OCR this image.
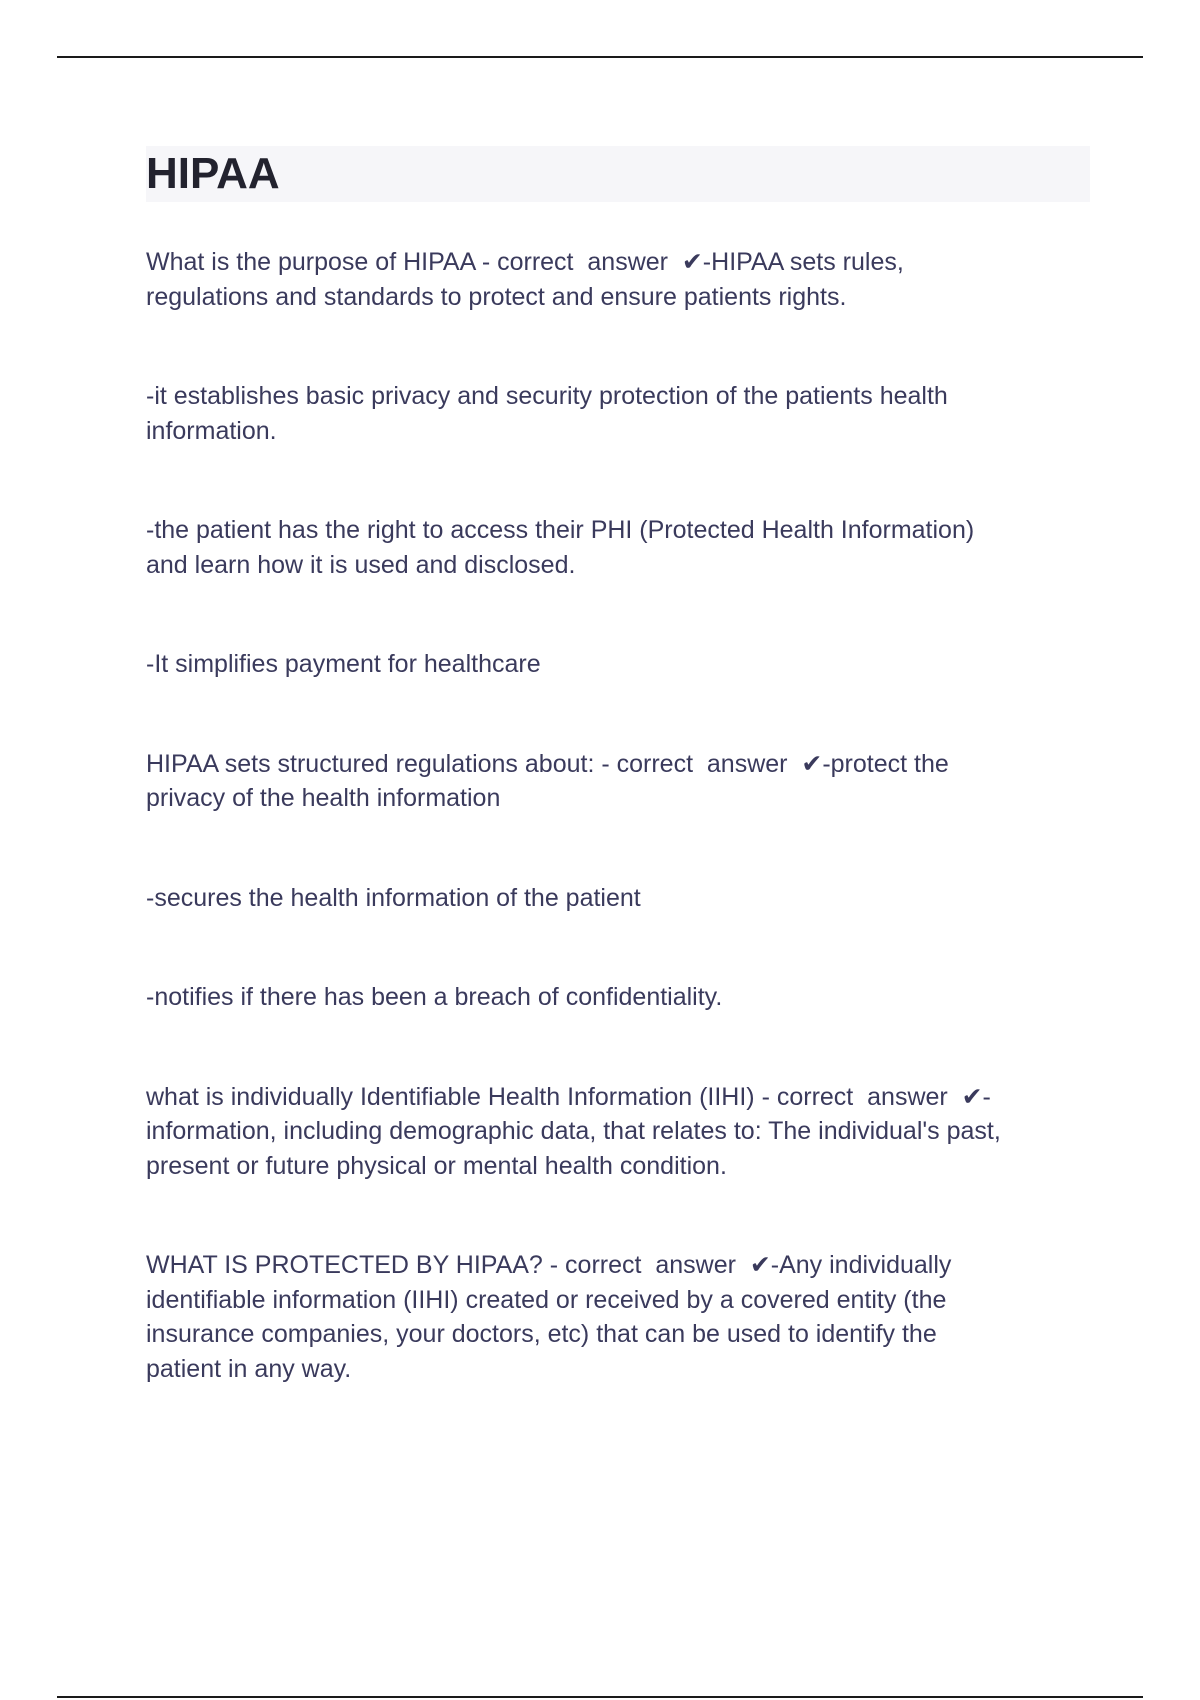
HIPAA

What is the purpose of HIPAA - correct  answer  ✔-HIPAA sets rules,
regulations and standards to protect and ensure patients rights.

-it establishes basic privacy and security protection of the patients health
information.

-the patient has the right to access their PHI (Protected Health Information)
and learn how it is used and disclosed.

-It simplifies payment for healthcare

HIPAA sets structured regulations about: - correct  answer  ✔-protect the
privacy of the health information

-secures the health information of the patient

-notifies if there has been a breach of confidentiality.

what is individually Identifiable Health Information (IIHI) - correct  answer  ✔-
information, including demographic data, that relates to: The individual's past,
present or future physical or mental health condition.

WHAT IS PROTECTED BY HIPAA? - correct  answer  ✔-Any individually
identifiable information (IIHI) created or received by a covered entity (the
insurance companies, your doctors, etc) that can be used to identify the
patient in any way.
